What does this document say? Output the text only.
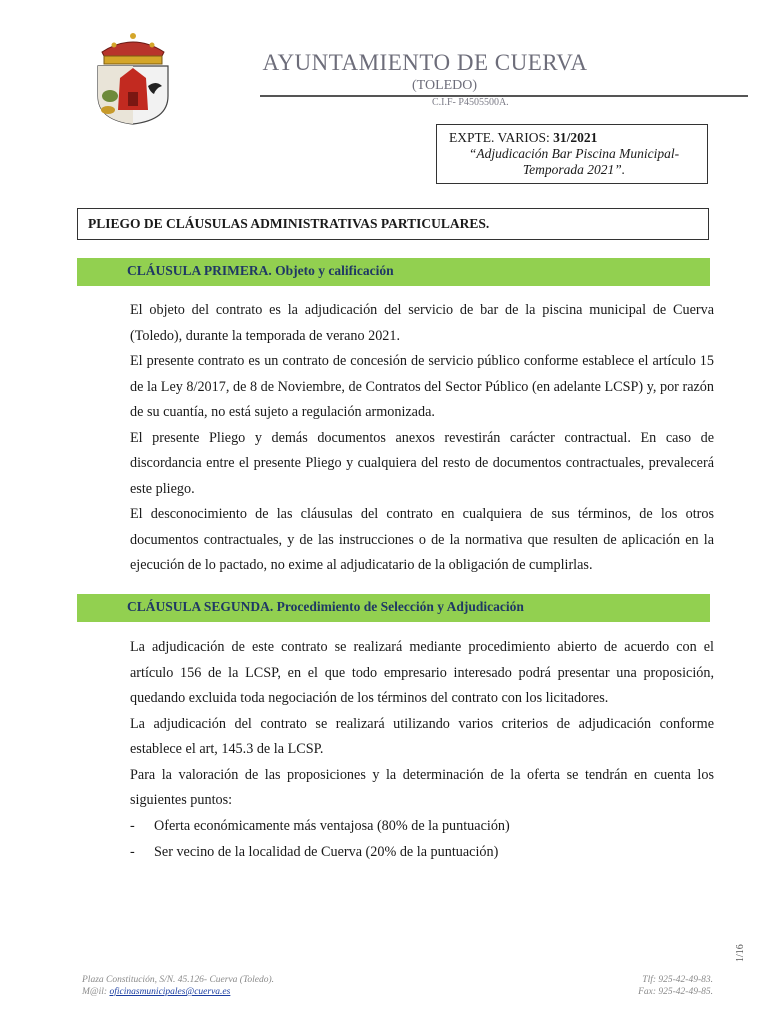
AYUNTAMIENTO DE CUERVA
(TOLEDO)
C.I.F- P4505500A.
EXPTE. VARIOS: 31/2021
“Adjudicación Bar Piscina Municipal-Temporada 2021”.
PLIEGO DE CLÁUSULAS ADMINISTRATIVAS PARTICULARES.
CLÁUSULA PRIMERA. Objeto y calificación
El objeto del contrato es la adjudicación del servicio de bar de la piscina municipal de Cuerva (Toledo), durante la temporada de verano 2021.
El presente contrato es un contrato de concesión de servicio público conforme establece el artículo 15 de la Ley 8/2017, de 8 de Noviembre, de Contratos del Sector Público (en adelante LCSP) y, por razón de su cuantía, no está sujeto a regulación armonizada.
El presente Pliego y demás documentos anexos revestirán carácter contractual. En caso de discordancia entre el presente Pliego y cualquiera del resto de documentos contractuales, prevalecerá este pliego.
El desconocimiento de las cláusulas del contrato en cualquiera de sus términos, de los otros documentos contractuales, y de las instrucciones o de la normativa que resulten de aplicación en la ejecución de lo pactado, no exime al adjudicatario de la obligación de cumplirlas.
CLÁUSULA SEGUNDA. Procedimiento de Selección y Adjudicación
La adjudicación de este contrato se realizará mediante procedimiento abierto de acuerdo con el artículo 156 de la LCSP, en el que todo empresario interesado podrá presentar una proposición, quedando excluida toda negociación de los términos del contrato con los licitadores.
La adjudicación del contrato se realizará utilizando varios criterios de adjudicación conforme establece el art, 145.3 de la LCSP.
Para la valoración de las proposiciones y la determinación de la oferta se tendrán en cuenta los siguientes puntos:
- Oferta económicamente más ventajosa (80% de la puntuación)
- Ser vecino de la localidad de Cuerva (20% de la puntuación)
1/16
Plaza Constitución, S/N. 45.126- Cuerva (Toledo).
M@il: oficinasmunicipales@cuerva.es
Tlf: 925-42-49-83.
Fax: 925-42-49-85.
